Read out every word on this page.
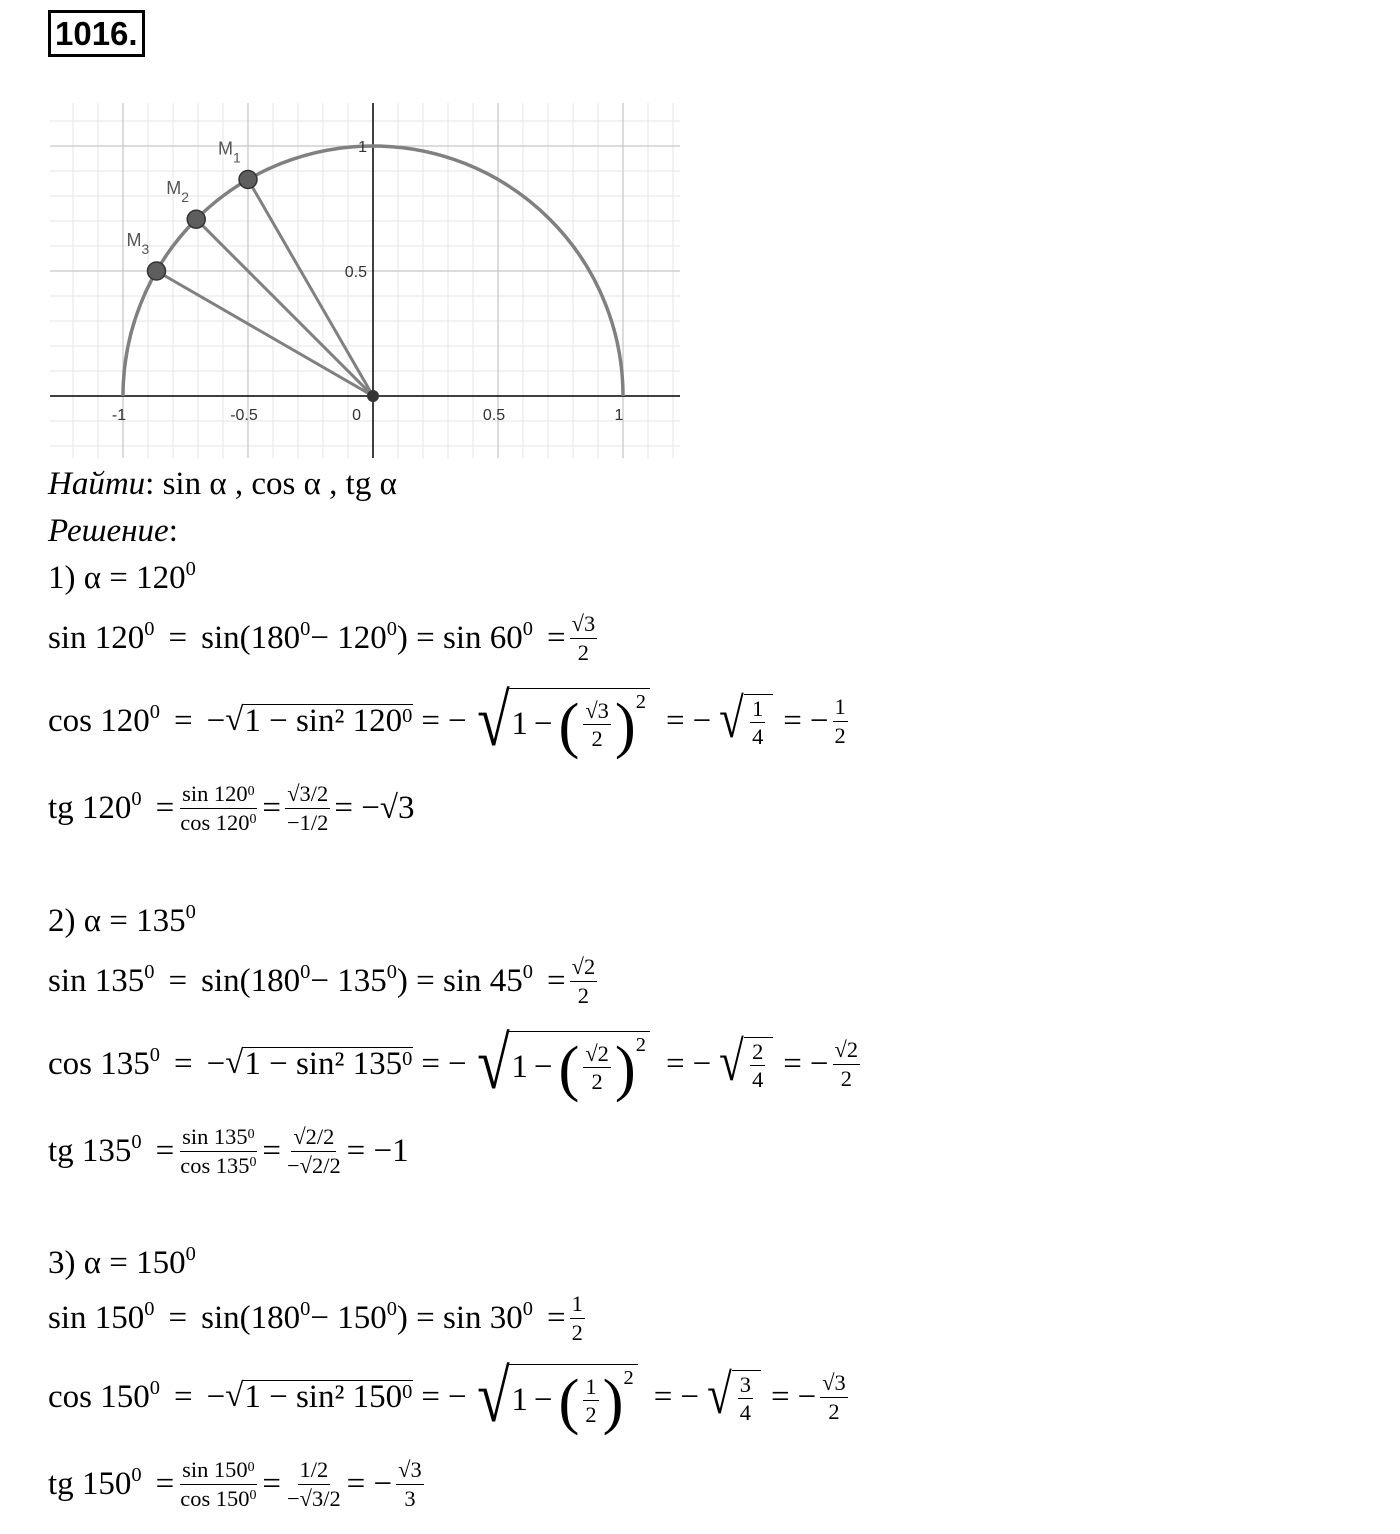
1016.
$M_1$
$M_2$
$M_3$
-1	-0.5	0	0.5	1
1
0.5
Найти : sin α , cos α , tg α
Решение :
1) $\alpha = 120^0$
$\sin 120^0 = \sin(180^0 - 120^0$ ) = $\sin 60^0 = \frac{√3}{2}$
$\cos 120^0$ = − √ 1 − sin² $120^0$ = − √ 1 − ( $\frac{√3}{2} )^2$
= − √ $\frac{1}{4}$ = − $\frac{1}{2}$
tg $120^0 = \frac{\sin 120^0}{\cos 120^0} = \frac{√3/2}{-1/2} = -√3$
2) $\alpha = 135^0$
$\sin 135^0 = \sin(180^0 - 135^0$ ) = $\sin 45^0 = \frac{√2}{2}$
$\cos 135^0$ = − √ 1 − sin² $135^0$ = − √ 1 − ( $\frac{√2}{2} )^2$
= − √ $\frac{2}{4}$ = − $\frac{√2}{2}$
tg $135^0 = \frac{\sin 135^0}{\cos 135^0} = \frac{√2/2}{-√2/2} = -1$
3) $\alpha = 150^0$
$\sin 150^0 = \sin(180^0 - 150^0$ ) = $\sin 30^0 = \frac{1}{2}$
$\cos 150^0$ = − √ 1 − sin² $150^0$ = − √ 1 − ( $\frac{1}{2} )^2$
= − √ $\frac{3}{4}$ = − $\frac{√3}{2}$
tg $150^0 = \frac{\sin 150^0}{\cos 150^0} = \frac{1/2}{-√3/2}$ = − $\frac{√3}{3}$
